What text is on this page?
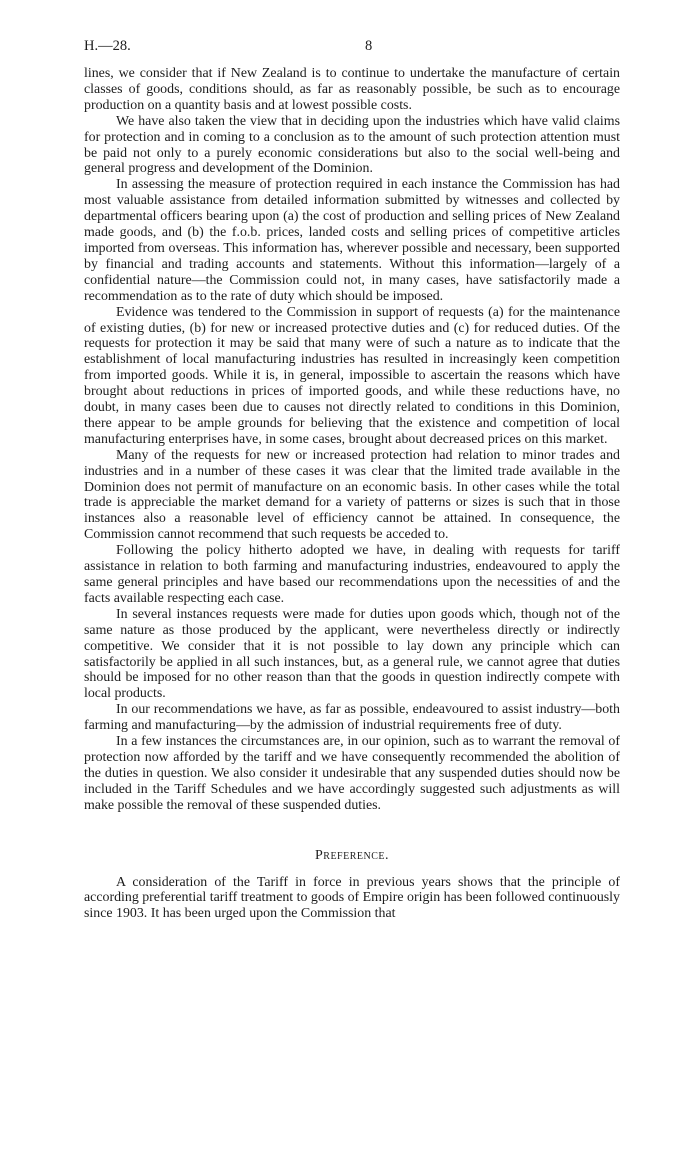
H.—28.	8

lines, we consider that if New Zealand is to continue to undertake the manufacture of certain classes of goods, conditions should, as far as reasonably possible, be such as to encourage production on a quantity basis and at lowest possible costs.

We have also taken the view that in deciding upon the industries which have valid claims for protection and in coming to a conclusion as to the amount of such protection attention must be paid not only to a purely economic considerations but also to the social well-being and general progress and development of the Dominion.

In assessing the measure of protection required in each instance the Commission has had most valuable assistance from detailed information submitted by witnesses and collected by departmental officers bearing upon (a) the cost of production and selling prices of New Zealand made goods, and (b) the f.o.b. prices, landed costs and selling prices of competitive articles imported from overseas. This information has, wherever possible and necessary, been supported by financial and trading accounts and statements. Without this information—largely of a confidential nature—the Commission could not, in many cases, have satisfactorily made a recommendation as to the rate of duty which should be imposed.

Evidence was tendered to the Commission in support of requests (a) for the maintenance of existing duties, (b) for new or increased protective duties and (c) for reduced duties. Of the requests for protection it may be said that many were of such a nature as to indicate that the establishment of local manufacturing industries has resulted in increasingly keen competition from imported goods. While it is, in general, impossible to ascertain the reasons which have brought about reductions in prices of imported goods, and while these reductions have, no doubt, in many cases been due to causes not directly related to conditions in this Dominion, there appear to be ample grounds for believing that the existence and competition of local manufacturing enterprises have, in some cases, brought about decreased prices on this market.

Many of the requests for new or increased protection had relation to minor trades and industries and in a number of these cases it was clear that the limited trade available in the Dominion does not permit of manufacture on an economic basis. In other cases while the total trade is appreciable the market demand for a variety of patterns or sizes is such that in those instances also a reasonable level of efficiency cannot be attained. In consequence, the Commission cannot recommend that such requests be acceded to.

Following the policy hitherto adopted we have, in dealing with requests for tariff assistance in relation to both farming and manufacturing industries, endeavoured to apply the same general principles and have based our recommendations upon the necessities of and the facts available respecting each case.

In several instances requests were made for duties upon goods which, though not of the same nature as those produced by the applicant, were nevertheless directly or indirectly competitive. We consider that it is not possible to lay down any principle which can satisfactorily be applied in all such instances, but, as a general rule, we cannot agree that duties should be imposed for no other reason than that the goods in question indirectly compete with local products.

In our recommendations we have, as far as possible, endeavoured to assist industry—both farming and manufacturing—by the admission of industrial requirements free of duty.

In a few instances the circumstances are, in our opinion, such as to warrant the removal of protection now afforded by the tariff and we have consequently recommended the abolition of the duties in question. We also consider it undesirable that any suspended duties should now be included in the Tariff Schedules and we have accordingly suggested such adjustments as will make possible the removal of these suspended duties.

Preference.

A consideration of the Tariff in force in previous years shows that the principle of according preferential tariff treatment to goods of Empire origin has been followed continuously since 1903. It has been urged upon the Commission that
